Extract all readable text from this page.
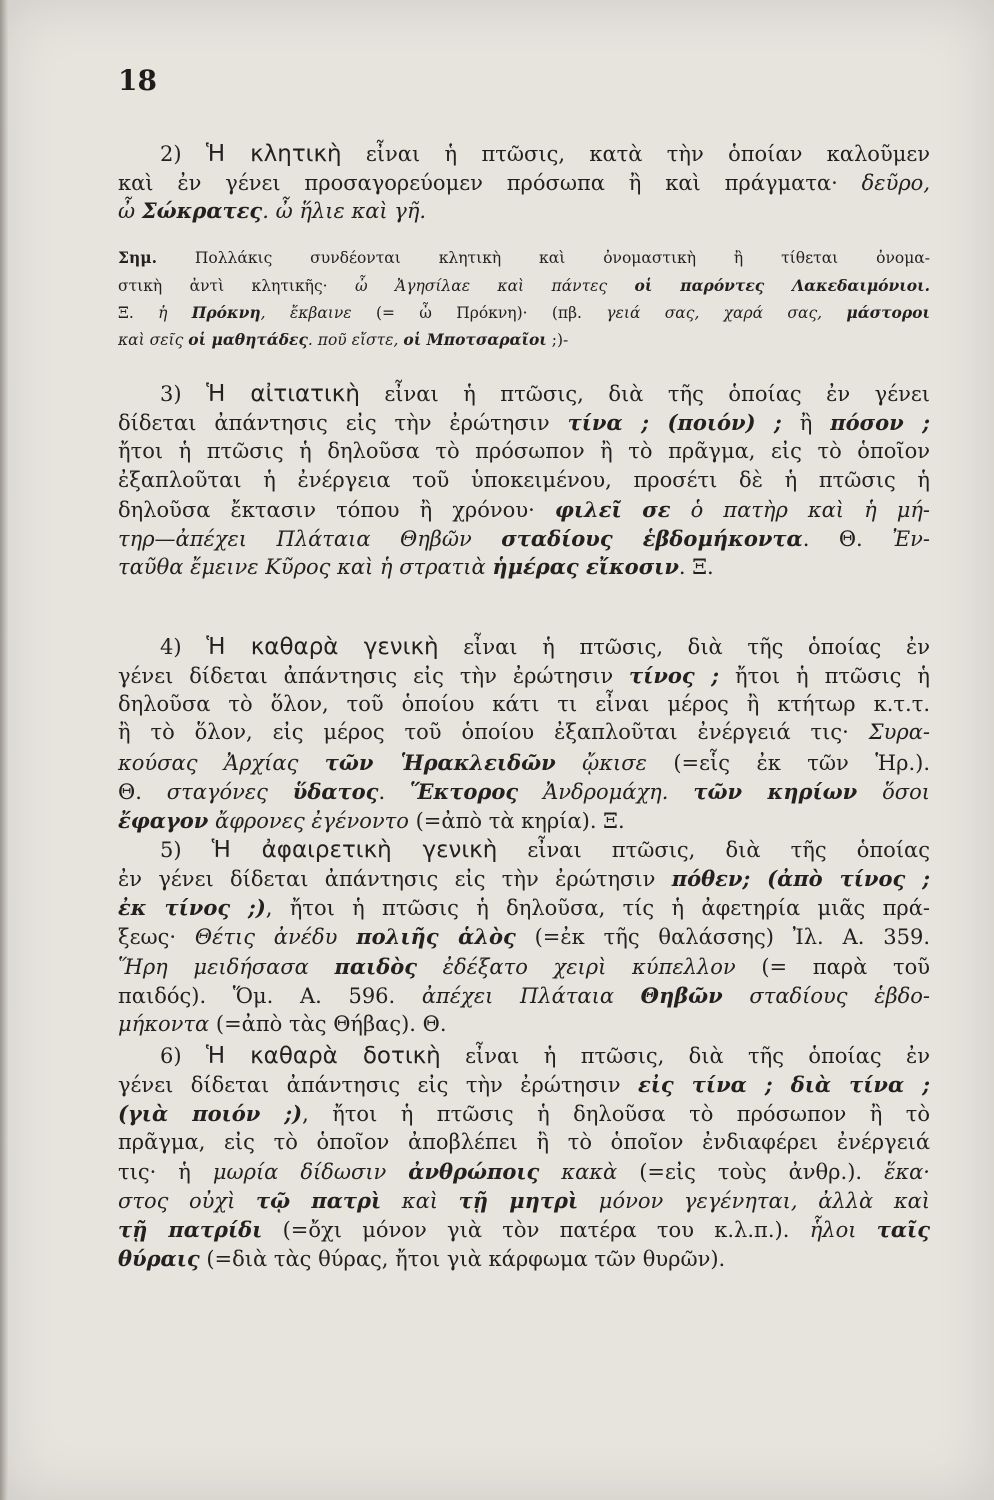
18
2) Ἡ κλητικὴ εἶναι ἡ πτῶσις, κατὰ τὴν ὁποίαν καλοῦμεν
καὶ ἐν γένει προσαγορεύομεν πρόσωπα ἢ καὶ πράγματα· δεῦρο,
ὦ Σώκρατες. ὦ ἥλιε καὶ γῆ.
Σημ. Πολλάκις συνδέονται κλητικὴ καὶ ὀνομαστικὴ ἢ τίθεται ὀνομα-
στικὴ ἀντὶ κλητικῆς· ὦ Ἀγησίλαε καὶ πάντες οἱ παρόντες Λακεδαιμόνιοι.
Ξ. ἡ Πρόκνη, ἔκβαινε (= ὦ Πρόκνη)· (πβ. γειά σας, χαρά σας, μάστοροι
καὶ σεῖς οἱ μαθητάδες. ποῦ εἴστε, οἱ Μποτσαραῖοι ;)-
3) Ἡ αἰτιατικὴ εἶναι ἡ πτῶσις, διὰ τῆς ὁποίας ἐν γένει
δίδεται ἀπάντησις εἰς τὴν ἐρώτησιν τίνα ; (ποιόν) ; ἢ πόσον ;
ἤτοι ἡ πτῶσις ἡ δηλοῦσα τὸ πρόσωπον ἢ τὸ πρᾶγμα, εἰς τὸ ὁποῖον
ἐξαπλοῦται ἡ ἐνέργεια τοῦ ὑποκειμένου, προσέτι δὲ ἡ πτῶσις ἡ
δηλοῦσα ἔκτασιν τόπου ἢ χρόνου· φιλεῖ σε ὁ πατὴρ καὶ ἡ μή-
τηρ—ἀπέχει Πλάταια Θηβῶν σταδίους ἑβδομήκοντα. Θ. Ἐν-
ταῦθα ἔμεινε Κῦρος καὶ ἡ στρατιὰ ἡμέρας εἴκοσιν. Ξ.
4) Ἡ καθαρὰ γενικὴ εἶναι ἡ πτῶσις, διὰ τῆς ὁποίας ἐν
γένει δίδεται ἀπάντησις εἰς τὴν ἐρώτησιν τίνος ; ἤτοι ἡ πτῶσις ἡ
δηλοῦσα τὸ ὅλον, τοῦ ὁποίου κάτι τι εἶναι μέρος ἢ κτήτωρ κ.τ.τ.
ἢ τὸ ὅλον, εἰς μέρος τοῦ ὁποίου ἐξαπλοῦται ἐνέργειά τις· Συρα-
κούσας Ἀρχίας τῶν Ἡρακλειδῶν ᾤκισε (=εἷς ἐκ τῶν Ἡρ.).
Θ. σταγόνες ὕδατος. Ἕκτορος Ἀνδρομάχη. τῶν κηρίων ὅσοι
ἔφαγον ἄφρονες ἐγένοντο (=ἀπὸ τὰ κηρία). Ξ.
5) Ἡ ἀφαιρετικὴ γενικὴ εἶναι πτῶσις, διὰ τῆς ὁποίας
ἐν γένει δίδεται ἀπάντησις εἰς τὴν ἐρώτησιν πόθεν; (ἀπὸ τίνος ;
ἐκ τίνος ;), ἤτοι ἡ πτῶσις ἡ δηλοῦσα, τίς ἡ ἀφετηρία μιᾶς πρά-
ξεως· Θέτις ἀνέδυ πολιῆς ἁλὸς (=ἐκ τῆς θαλάσσης) Ἰλ. Α. 359.
Ἥρη μειδήσασα παιδὸς ἐδέξατο χειρὶ κύπελλον (= παρὰ τοῦ
παιδός). Ὅμ. Α. 596. ἀπέχει Πλάταια Θηβῶν σταδίους ἑβδο-
μήκοντα (=ἀπὸ τὰς Θήβας). Θ.
6) Ἡ καθαρὰ δοτικὴ εἶναι ἡ πτῶσις, διὰ τῆς ὁποίας ἐν
γένει δίδεται ἀπάντησις εἰς τὴν ἐρώτησιν εἰς τίνα ; διὰ τίνα ;
(γιὰ ποιόν ;), ἤτοι ἡ πτῶσις ἡ δηλοῦσα τὸ πρόσωπον ἢ τὸ
πρᾶγμα, εἰς τὸ ὁποῖον ἀποβλέπει ἢ τὸ ὁποῖον ἐνδιαφέρει ἐνέργειά
τις· ἡ μωρία δίδωσιν ἀνθρώποις κακὰ (=εἰς τοὺς ἀνθρ.). ἕκα·
στος οὐχὶ τῷ πατρὶ καὶ τῇ μητρὶ μόνον γεγένηται, ἀλλὰ καὶ
τῇ πατρίδι (=ὄχι μόνον γιὰ τὸν πατέρα του κ.λ.π.). ἧλοι ταῖς
θύραις (=διὰ τὰς θύρας, ἤτοι γιὰ κάρφωμα τῶν θυρῶν).
